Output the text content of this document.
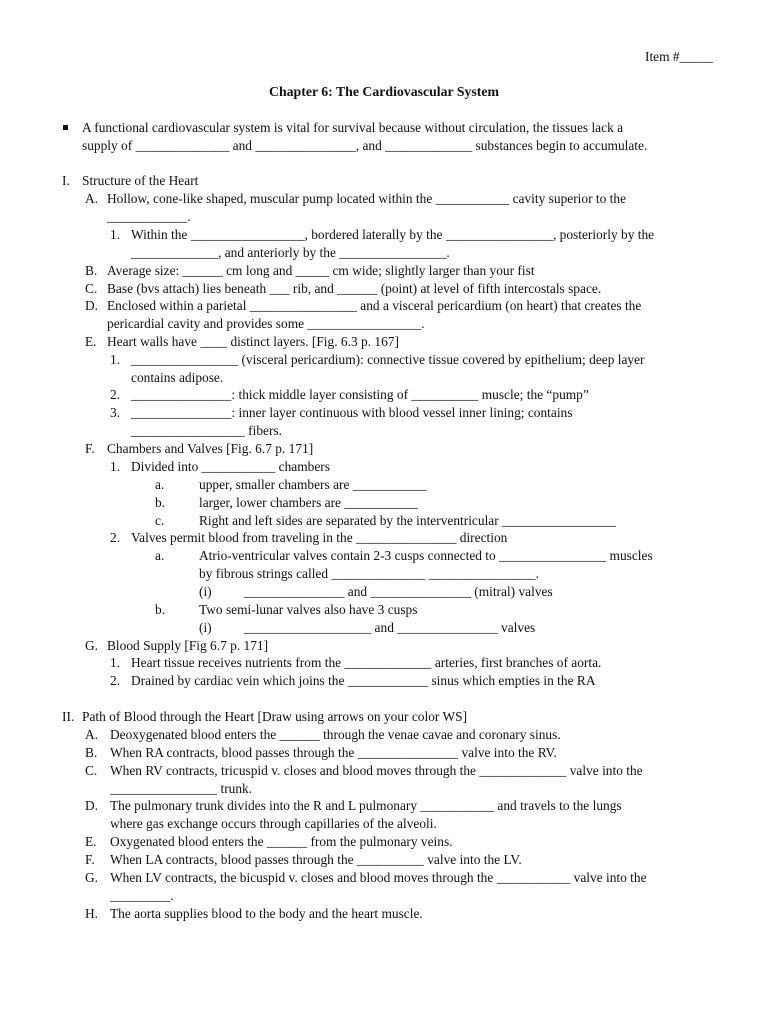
Item #_____
Chapter 6: The Cardiovascular System
A functional cardiovascular system is vital for survival because without circulation, the tissues lack a
supply of ______________ and _______________, and _____________ substances begin to accumulate.
I. Structure of the Heart
A. Hollow, cone-like shaped, muscular pump located within the ___________ cavity superior to the
____________.
1. Within the _________________, bordered laterally by the ________________, posteriorly by the
_____________, and anteriorly by the ________________.
B. Average size: ______ cm long and _____ cm wide; slightly larger than your fist
C. Base (bvs attach) lies beneath ___ rib, and ______ (point) at level of fifth intercostals space.
D. Enclosed within a parietal ________________ and a visceral pericardium (on heart) that creates the
pericardial cavity and provides some _________________.
E. Heart walls have ____ distinct layers. [Fig. 6.3 p. 167]
1. ________________ (visceral pericardium): connective tissue covered by epithelium; deep layer
contains adipose.
2. _______________: thick middle layer consisting of __________ muscle; the “pump”
3. _______________: inner layer continuous with blood vessel inner lining; contains
_________________ fibers.
F. Chambers and Valves [Fig. 6.7 p. 171]
1. Divided into ___________ chambers
a.	upper, smaller chambers are ___________
b.	larger, lower chambers are ___________
c.	Right and left sides are separated by the interventricular _________________
2. Valves permit blood from traveling in the _______________ direction
a.	Atrio-ventricular valves contain 2-3 cusps connected to ________________ muscles
by fibrous strings called ______________ ________________.
(i) _______________ and _______________ (mitral) valves
b.	Two semi-lunar valves also have 3 cusps
(i) ___________________ and _______________ valves
G. Blood Supply [Fig 6.7 p. 171]
1. Heart tissue receives nutrients from the _____________ arteries, first branches of aorta.
2. Drained by cardiac vein which joins the ____________ sinus which empties in the RA
II. Path of Blood through the Heart [Draw using arrows on your color WS]
A. Deoxygenated blood enters the ______ through the venae cavae and coronary sinus.
B. When RA contracts, blood passes through the _______________ valve into the RV.
C. When RV contracts, tricuspid v. closes and blood moves through the _____________ valve into the
________________ trunk.
D. The pulmonary trunk divides into the R and L pulmonary ___________ and travels to the lungs
where gas exchange occurs through capillaries of the alveoli.
E. Oxygenated blood enters the ______ from the pulmonary veins.
F. When LA contracts, blood passes through the __________ valve into the LV.
G. When LV contracts, the bicuspid v. closes and blood moves through the ___________ valve into the
_________.
H. The aorta supplies blood to the body and the heart muscle.
